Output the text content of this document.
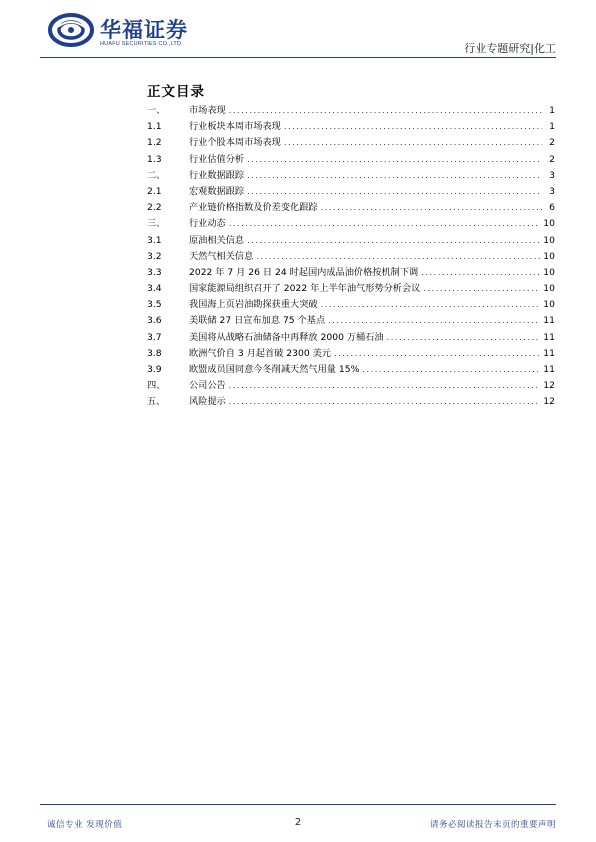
华福证券
HUAFU SECURITIES CO.,LTD.	行业专题研究|化工
正文目录
一、	市场表现 .....	1
1.1	行业板块本周市场表现 .....	1
1.2	行业个股本周市场表现 .....	2
1.3	行业估值分析 .....	2
二、	行业数据跟踪 .....	3
2.1	宏观数据跟踪 .....	3
2.2	产业链价格指数及价差变化跟踪 .....	6
三、	行业动态 .....	10
3.1	原油相关信息 .....	10
3.2	天然气相关信息 .....	10
3.3	2022 年 7 月 26 日 24 时起国内成品油价格按机制下调 .....	10
3.4	国家能源局组织召开了 2022 年上半年油气形势分析会议 .....	10
3.5	我国海上页岩油勘探获重大突破 .....	10
3.6	美联储 27 日宣布加息 75 个基点 .....	11
3.7	美国将从战略石油储备中再释放 2000 万桶石油 .....	11
3.8	欧洲气价自 3 月起首破 2300 美元 .....	11
3.9	欧盟成员国同意今冬削减天然气用量 15% .....	11
四、	公司公告 .....	12
五、	风险提示 .....	12
诚信专业 发现价值	2	请务必阅读报告末页的重要声明
